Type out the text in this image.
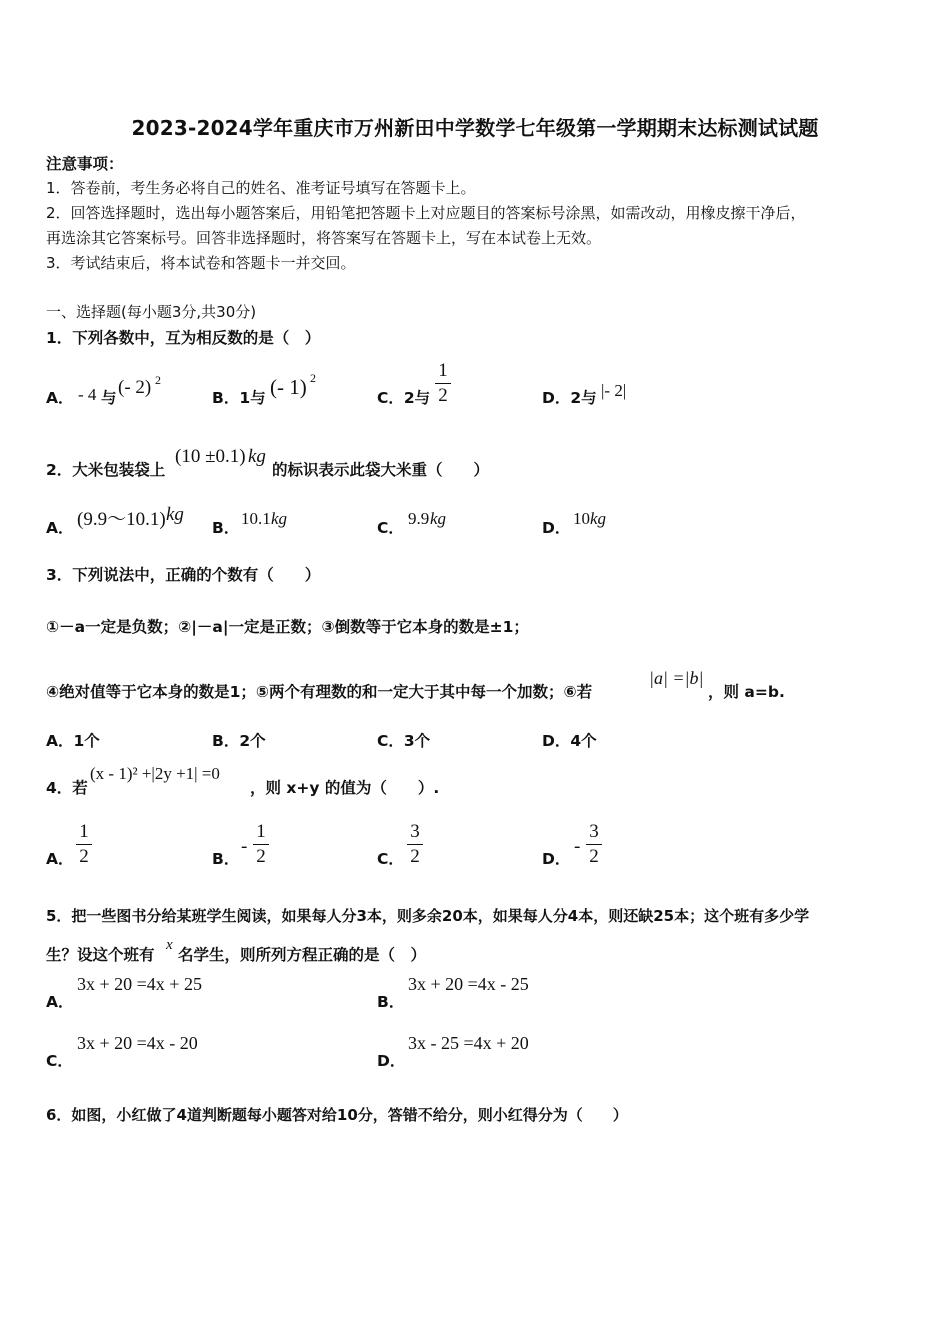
2023-2024学年重庆市万州新田中学数学七年级第一学期期末达标测试试题
注意事项：
1．答卷前，考生务必将自己的姓名、准考证号填写在答题卡上。
2．回答选择题时，选出每小题答案后，用铅笔把答题卡上对应题目的答案标号涂黑，如需改动，用橡皮擦干净后，
再选涂其它答案标号。回答非选择题时，将答案写在答题卡上，写在本试卷上无效。
3．考试结束后，将本试卷和答题卡一并交回。
一、选择题(每小题3分,共30分)
1．下列各数中，互为相反数的是（　）
A． - 4 与 (- 2) 2
B．1与 (- 1) 2
C．2与
1
2	D．2与 |- 2|
2．大米包装袋上
(10 ±0.1) kg
的标识表示此袋大米重（　　）
A． (9.9～10.1) kg
B． 10.1 kg	C． 9.9 kg	D． 10 kg
3．下列说法中，正确的个数有（　　）
①－a一定是负数；②|－a|一定是正数；③倒数等于它本身的数是±1；
④绝对值等于它本身的数是1；⑤两个有理数的和一定大于其中每一个加数；⑥若
|a| =|b|
，则 a=b.
A．1个	B．2个	C．3个	D．4个
4．若
(x - 1)² +|2y +1| =0
，则 x+y 的值为（　　）.
A．
1
2	B．
-
1
2	C．
3
2	D．
-
3
2
5．把一些图书分给某班学生阅读，如果每人分3本，则多余20本，如果每人分4本，则还缺25本；这个班有多少学
生？设这个班有
x
名学生，则所列方程正确的是（　）
A．
3x + 20 =4x + 25
B．
3x + 20 =4x - 25
C．
3x + 20 =4x - 20
D．
3x - 25 =4x + 20
6．如图，小红做了4道判断题每小题答对给10分，答错不给分，则小红得分为（　　）
